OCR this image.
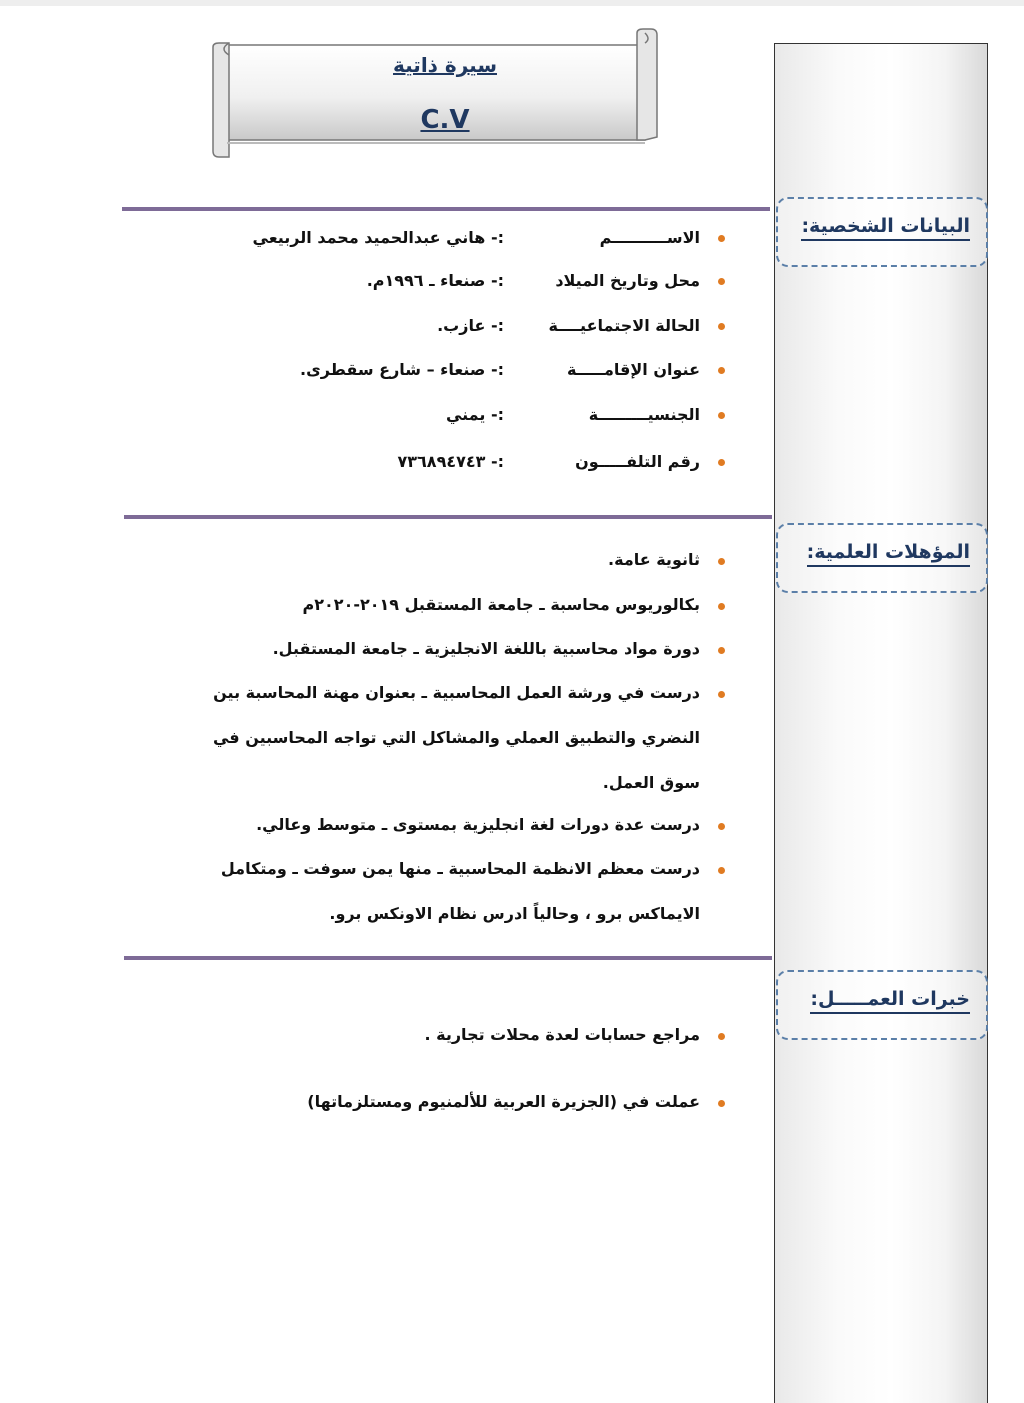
البيانات الشخصية:
المؤهلات العلمية:
خبرات العمـــــل:
سيرة ذاتية
C.V
الاســــــــــم
:- هاني عبدالحميد محمد الربيعي
محل وتاريخ الميلاد
:- صنعاء ـ ١٩٩٦م.
الحالة الاجتماعيــــة
:- عازب.
عنوان الإقامـــــة
:- صنعاء – شارع سقطرى.
الجنسيـــــــــة
:- يمني
رقم التلفـــــون
:- ٧٣٦٨٩٤٧٤٣
ثانوية عامة.
بكالوريوس محاسبة ـ جامعة المستقبل ٢٠١٩-٢٠٢٠م
دورة مواد محاسبية باللغة الانجليزية ـ جامعة المستقبل.
درست في ورشة العمل المحاسبية ـ بعنوان مهنة المحاسبة بين
النضري والتطبيق العملي والمشاكل التي تواجه المحاسبين في
سوق العمل.
درست عدة دورات لغة انجليزية بمستوى ـ متوسط وعالي.
درست معظم الانظمة المحاسبية ـ منها يمن سوفت ـ ومتكامل
الايماكس برو ، وحالياً ادرس نظام الاونكس برو.
مراجع حسابات لعدة محلات تجارية .
عملت في (الجزيرة العربية للألمنيوم ومستلزماتها)
